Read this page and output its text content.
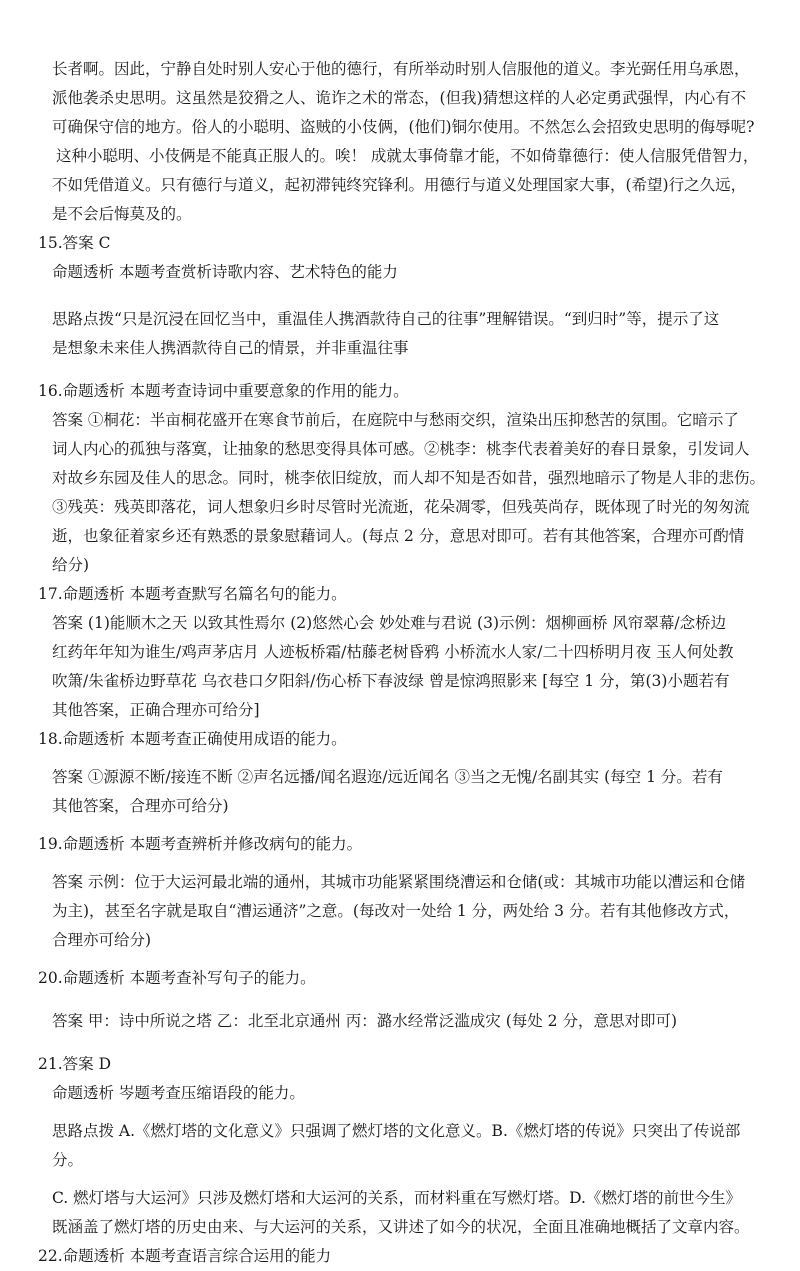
长者啊。因此，宁静自处时别人安心于他的德行，有所举动时别人信服他的道义。李光弼任用乌承恩，
派他袭杀史思明。这虽然是狡猾之人、诡诈之术的常态，(但我)猜想这样的人必定勇武强悍，内心有不
可确保守信的地方。俗人的小聪明、盗贼的小伎俩，(他们)铜尔使用。不然怎么会招致史思明的侮辱呢?
这种小聪明、小伎俩是不能真正服人的。唉！ 成就太事倚靠才能，不如倚靠德行：使人信服凭借智力，
不如凭借道义。只有德行与道义，起初滞钝终究锋利。用德行与道义处理国家大事，(希望)行之久远，
是不会后悔莫及的。

15.答案 C

命题透析 本题考查赏析诗歌内容、艺术特色的能力

思路点拨“只是沉浸在回忆当中，重温佳人携酒款待自己的往事”理解错误。“到归时”等，提示了这
是想象未来佳人携酒款待自己的情景，并非重温往事

16.命题透析 本题考查诗词中重要意象的作用的能力。

答案 ①桐花：半亩桐花盛开在寒食节前后，在庭院中与愁雨交织，渲染出压抑愁苦的氛围。它暗示了
词人内心的孤独与落寞，让抽象的愁思变得具体可感。②桃李：桃李代表着美好的春日景象，引发词人
对故乡东园及佳人的思念。同时，桃李依旧绽放，而人却不知是否如昔，强烈地暗示了物是人非的悲伤。
③残英：残英即落花，词人想象归乡时尽管时光流逝，花朵凋零，但残英尚存，既体现了时光的匆匆流
逝，也象征着家乡还有熟悉的景象慰藉词人。(每点 2 分，意思对即可。若有其他答案，合理亦可酌情
给分)

17.命题透析 本题考查默写名篇名句的能力。

答案 (1)能顺木之天 以致其性焉尔 (2)悠然心会 妙处难与君说 (3)示例：烟柳画桥 风帘翠幕/念桥边
红药年年知为谁生/鸡声茅店月 人迹板桥霜/枯藤老树昏鸦 小桥流水人家/二十四桥明月夜 玉人何处教
吹箫/朱雀桥边野草花 乌衣巷口夕阳斜/伤心桥下春波绿 曾是惊鸿照影来 [每空 1 分，第(3)小题若有
其他答案，正确合理亦可给分]

18.命题透析 本题考查正确使用成语的能力。

答案 ①源源不断/接连不断 ②声名远播/闻名遐迩/远近闻名 ③当之无愧/名副其实 (每空 1 分。若有
其他答案，合理亦可给分)

19.命题透析 本题考查辨析并修改病句的能力。

答案 示例：位于大运河最北端的通州，其城市功能紧紧围绕漕运和仓储(或：其城市功能以漕运和仓储
为主)，甚至名字就是取自“漕运通济”之意。(每改对一处给 1 分，两处给 3 分。若有其他修改方式，
合理亦可给分)

20.命题透析 本题考查补写句子的能力。

答案 甲：诗中所说之塔 乙：北至北京通州 丙：潞水经常泛滥成灾 (每处 2 分，意思对即可)

21.答案 D

命题透析 岑题考查压缩语段的能力。

思路点拨 A.《燃灯塔的文化意义》只强调了燃灯塔的文化意义。B.《燃灯塔的传说》只突出了传说部
分。
C. 燃灯塔与大运河》只涉及燃灯塔和大运河的关系，而材料重在写燃灯塔。D.《燃灯塔的前世今生》
既涵盖了燃灯塔的历史由来、与大运河的关系，又讲述了如今的状况，全面且准确地概括了文章内容。

22.命题透析 本题考查语言综合运用的能力
